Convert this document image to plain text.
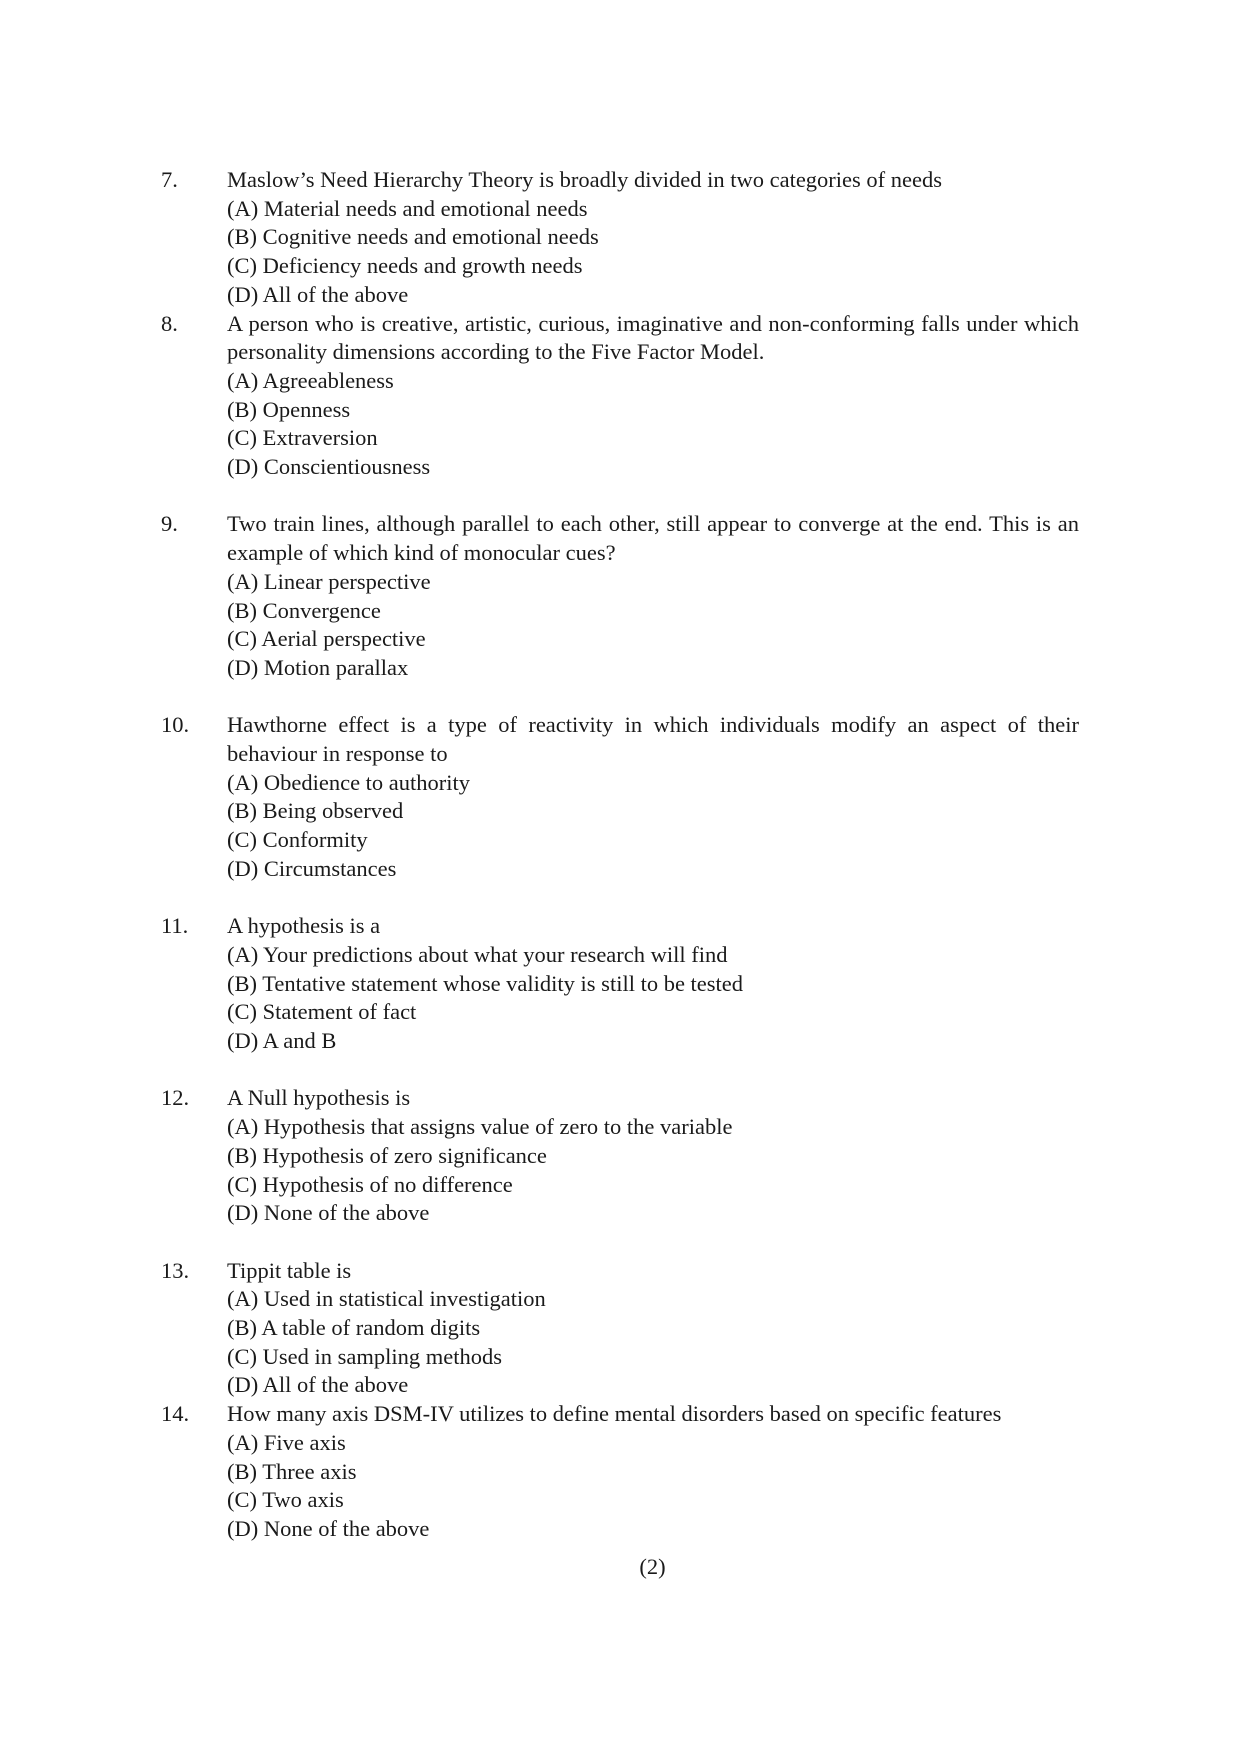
7.	Maslow’s Need Hierarchy Theory is broadly divided in two categories of needs
(A) Material needs and emotional needs
(B) Cognitive needs and emotional needs
(C) Deficiency needs and growth needs
(D) All of the above
8.	A person who is creative, artistic, curious, imaginative and non-conforming falls under which personality dimensions according to the Five Factor Model.
(A) Agreeableness
(B) Openness
(C) Extraversion
(D) Conscientiousness
9.	Two train lines, although parallel to each other, still appear to converge at the end. This is an example of which kind of monocular cues?
(A) Linear perspective
(B) Convergence
(C) Aerial perspective
(D) Motion parallax
10.	Hawthorne effect is a type of reactivity in which individuals modify an aspect of their behaviour in response to
(A) Obedience to authority
(B) Being observed
(C) Conformity
(D) Circumstances
11.	A hypothesis is a
(A) Your predictions about what your research will find
(B) Tentative statement whose validity is still to be tested
(C) Statement of fact
(D) A and B
12.	A Null hypothesis is
(A) Hypothesis that assigns value of zero to the variable
(B) Hypothesis of zero significance
(C) Hypothesis of no difference
(D) None of the above
13.	Tippit table is
(A) Used in statistical investigation
(B) A table of random digits
(C) Used in sampling methods
(D) All of the above
14.	How many axis DSM-IV utilizes to define mental disorders based on specific features
(A) Five axis
(B) Three axis
(C) Two axis
(D) None of the above
(2)
